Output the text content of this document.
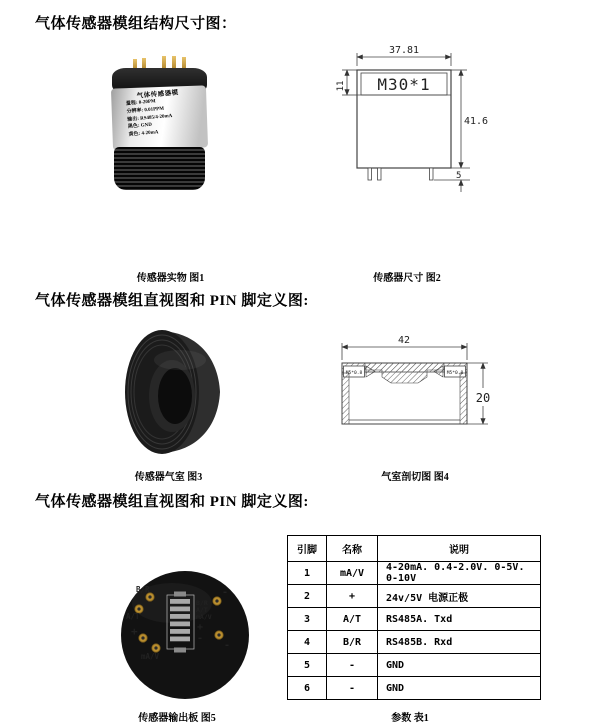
气体传感器模组结构尺寸图：
气体传感器模组直视图和 PIN 脚定义图:
气体传感器模组直视图和 PIN 脚定义图:
气体传感器模
量程: 0-20PM
分辨率: 0.01PPM
输出: RS485/4-20mA
黑色: GND
黄色: 4-20mA
37.81
11 M30*1
41.6
5
传感器实物 图1	传感器尺寸 图2
42
M5*0.8	M5*0.8
20
传感器气室 图3	气室剖切图 图4
B/R
A/T
+
mA/V
B/R
A/T
mA/V
+
-
-
-
引脚	名称	说明
1	mA/V	4-20mA. 0.4-2.0V. 0-5V. 0-10V
2	+	24v/5V 电源正极
3	A/T	RS485A. Txd
4	B/R	RS485B. Rxd
5	-	GND
6	-	GND
传感器输出板 图5	参数 表1
